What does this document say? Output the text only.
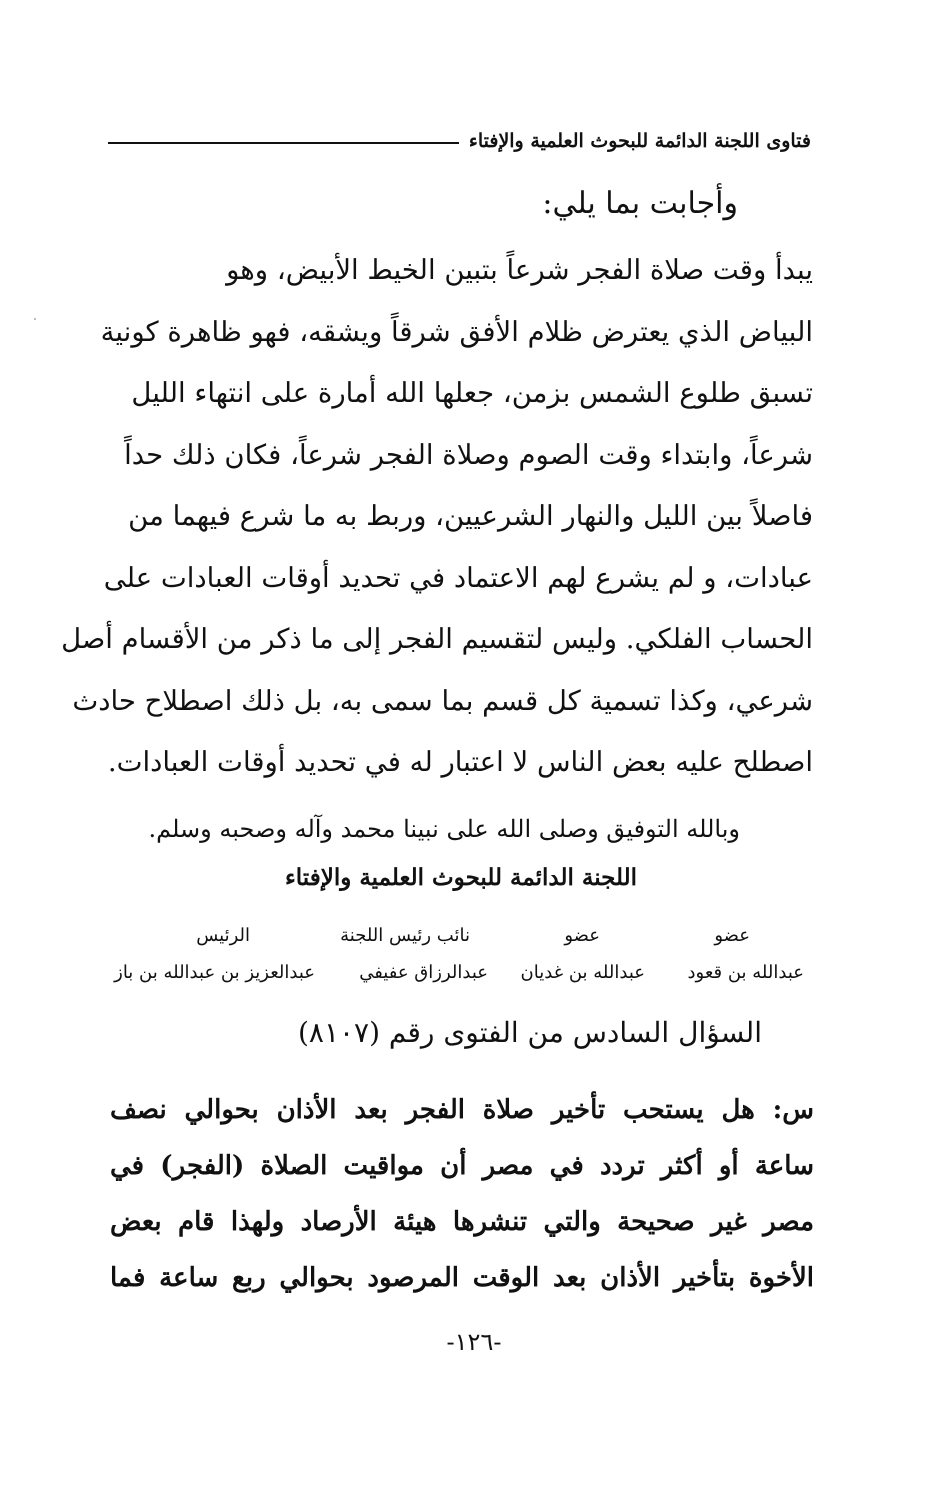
فتاوى اللجنة الدائمة للبحوث العلمية والإفتاء
وأجابت بما يلي:
يبدأ وقت صلاة الفجر شرعاً بتبين الخيط الأبيض، وهو
البياض الذي يعترض ظلام الأفق شرقاً ويشقه، فهو ظاهرة كونية
تسبق طلوع الشمس بزمن، جعلها الله أمارة على انتهاء الليل
شرعاً، وابتداء وقت الصوم وصلاة الفجر شرعاً، فكان ذلك حداً
فاصلاً بين الليل والنهار الشرعيين، وربط به ما شرع فيهما من
عبادات، و لم يشرع لهم الاعتماد في تحديد أوقات العبادات على
الحساب الفلكي. وليس لتقسيم الفجر إلى ما ذكر من الأقسام أصل
شرعي، وكذا تسمية كل قسم بما سمى به، بل ذلك اصطلاح حادث
اصطلح عليه بعض الناس لا اعتبار له في تحديد أوقات العبادات.
وبالله التوفيق وصلى الله على نبينا محمد وآله وصحبه وسلم.
اللجنة الدائمة للبحوث العلمية والإفتاء
عضو
عضو
نائب رئيس اللجنة
الرئيس
عبدالله بن قعود
عبدالله بن غديان
عبدالرزاق عفيفي
عبدالعزيز بن عبدالله بن باز
السؤال السادس من الفتوى رقم (٨١٠٧)
س: هل يستحب تأخير صلاة الفجر بعد الأذان بحوالي نصف
ساعة أو أكثر تردد في مصر أن مواقيت الصلاة (الفجر) في
مصر غير صحيحة والتي تنشرها هيئة الأرصاد ولهذا قام بعض
الأخوة بتأخير الأذان بعد الوقت المرصود بحوالي ربع ساعة فما
-١٢٦-
